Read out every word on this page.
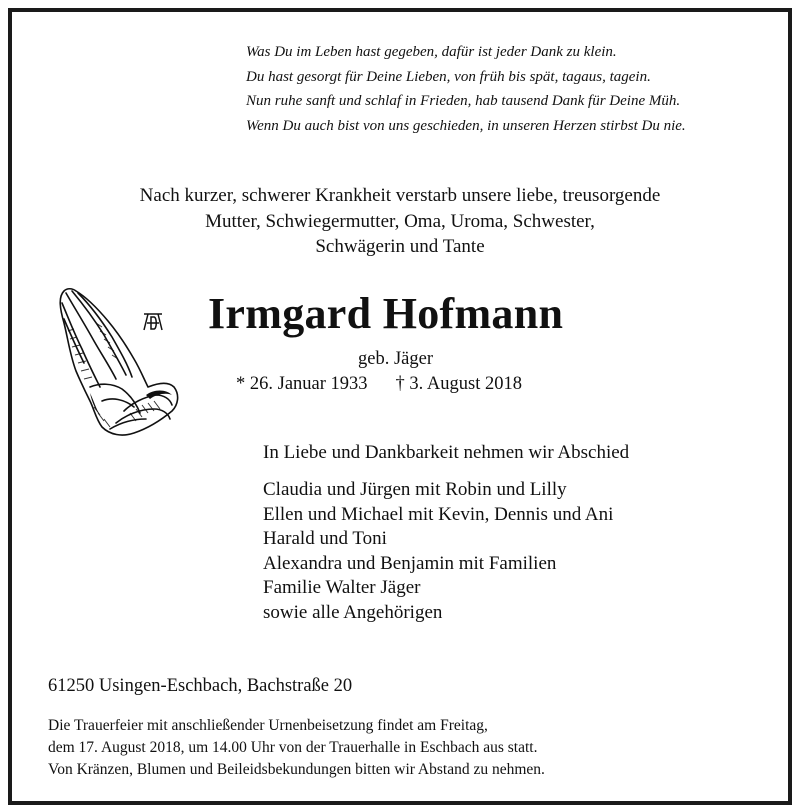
Was Du im Leben hast gegeben, dafür ist jeder Dank zu klein.
Du hast gesorgt für Deine Lieben, von früh bis spät, tagaus, tagein.
Nun ruhe sanft und schlaf in Frieden, hab tausend Dank für Deine Müh.
Wenn Du auch bist von uns geschieden, in unseren Herzen stirbst Du nie.
Nach kurzer, schwerer Krankheit verstarb unsere liebe, treusorgende
Mutter, Schwiegermutter, Oma, Uroma, Schwester,
Schwägerin und Tante
Irmgard Hofmann
geb. Jäger
* 26. Januar 1933 † 3. August 2018
In Liebe und Dankbarkeit nehmen wir Abschied
Claudia und Jürgen mit Robin und Lilly
Ellen und Michael mit Kevin, Dennis und Ani
Harald und Toni
Alexandra und Benjamin mit Familien
Familie Walter Jäger
sowie alle Angehörigen
61250 Usingen-Eschbach, Bachstraße 20
Die Trauerfeier mit anschließender Urnenbeisetzung findet am Freitag,
dem 17. August 2018, um 14.00 Uhr von der Trauerhalle in Eschbach aus statt.
Von Kränzen, Blumen und Beileidsbekundungen bitten wir Abstand zu nehmen.
